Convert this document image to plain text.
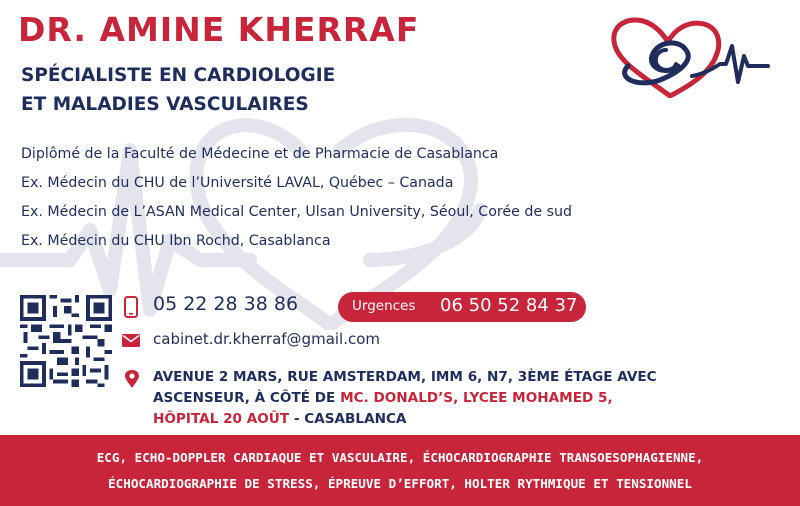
DR. AMINE KHERRAF
SPÉCIALISTE EN CARDIOLOGIE
ET MALADIES VASCULAIRES
Diplômé de la Faculté de Médecine et de Pharmacie de Casablanca
Ex. Médecin du CHU de l’Université LAVAL, Québec – Canada
Ex. Médecin de L’ASAN Medical Center, Ulsan University, Séoul, Corée de sud
Ex. Médecin du CHU Ibn Rochd, Casablanca
05 22 28 38 86	Urgences 06 50 52 84 37
cabinet.dr.kherraf@gmail.com
AVENUE 2 MARS, RUE AMSTERDAM, IMM 6, N7, 3ÈME ÉTAGE AVEC
ASCENSEUR, À CÔTÉ DE MC. DONALD’S, LYCEE MOHAMED 5,
HÔPITAL 20 AOÛT - CASABLANCA
ECG, ECHO-DOPPLER CARDIAQUE ET VASCULAIRE, ÉCHOCARDIOGRAPHIE TRANSOESOPHAGIENNE,
ÉCHOCARDIOGRAPHIE DE STRESS, ÉPREUVE D’EFFORT, HOLTER RYTHMIQUE ET TENSIONNEL
